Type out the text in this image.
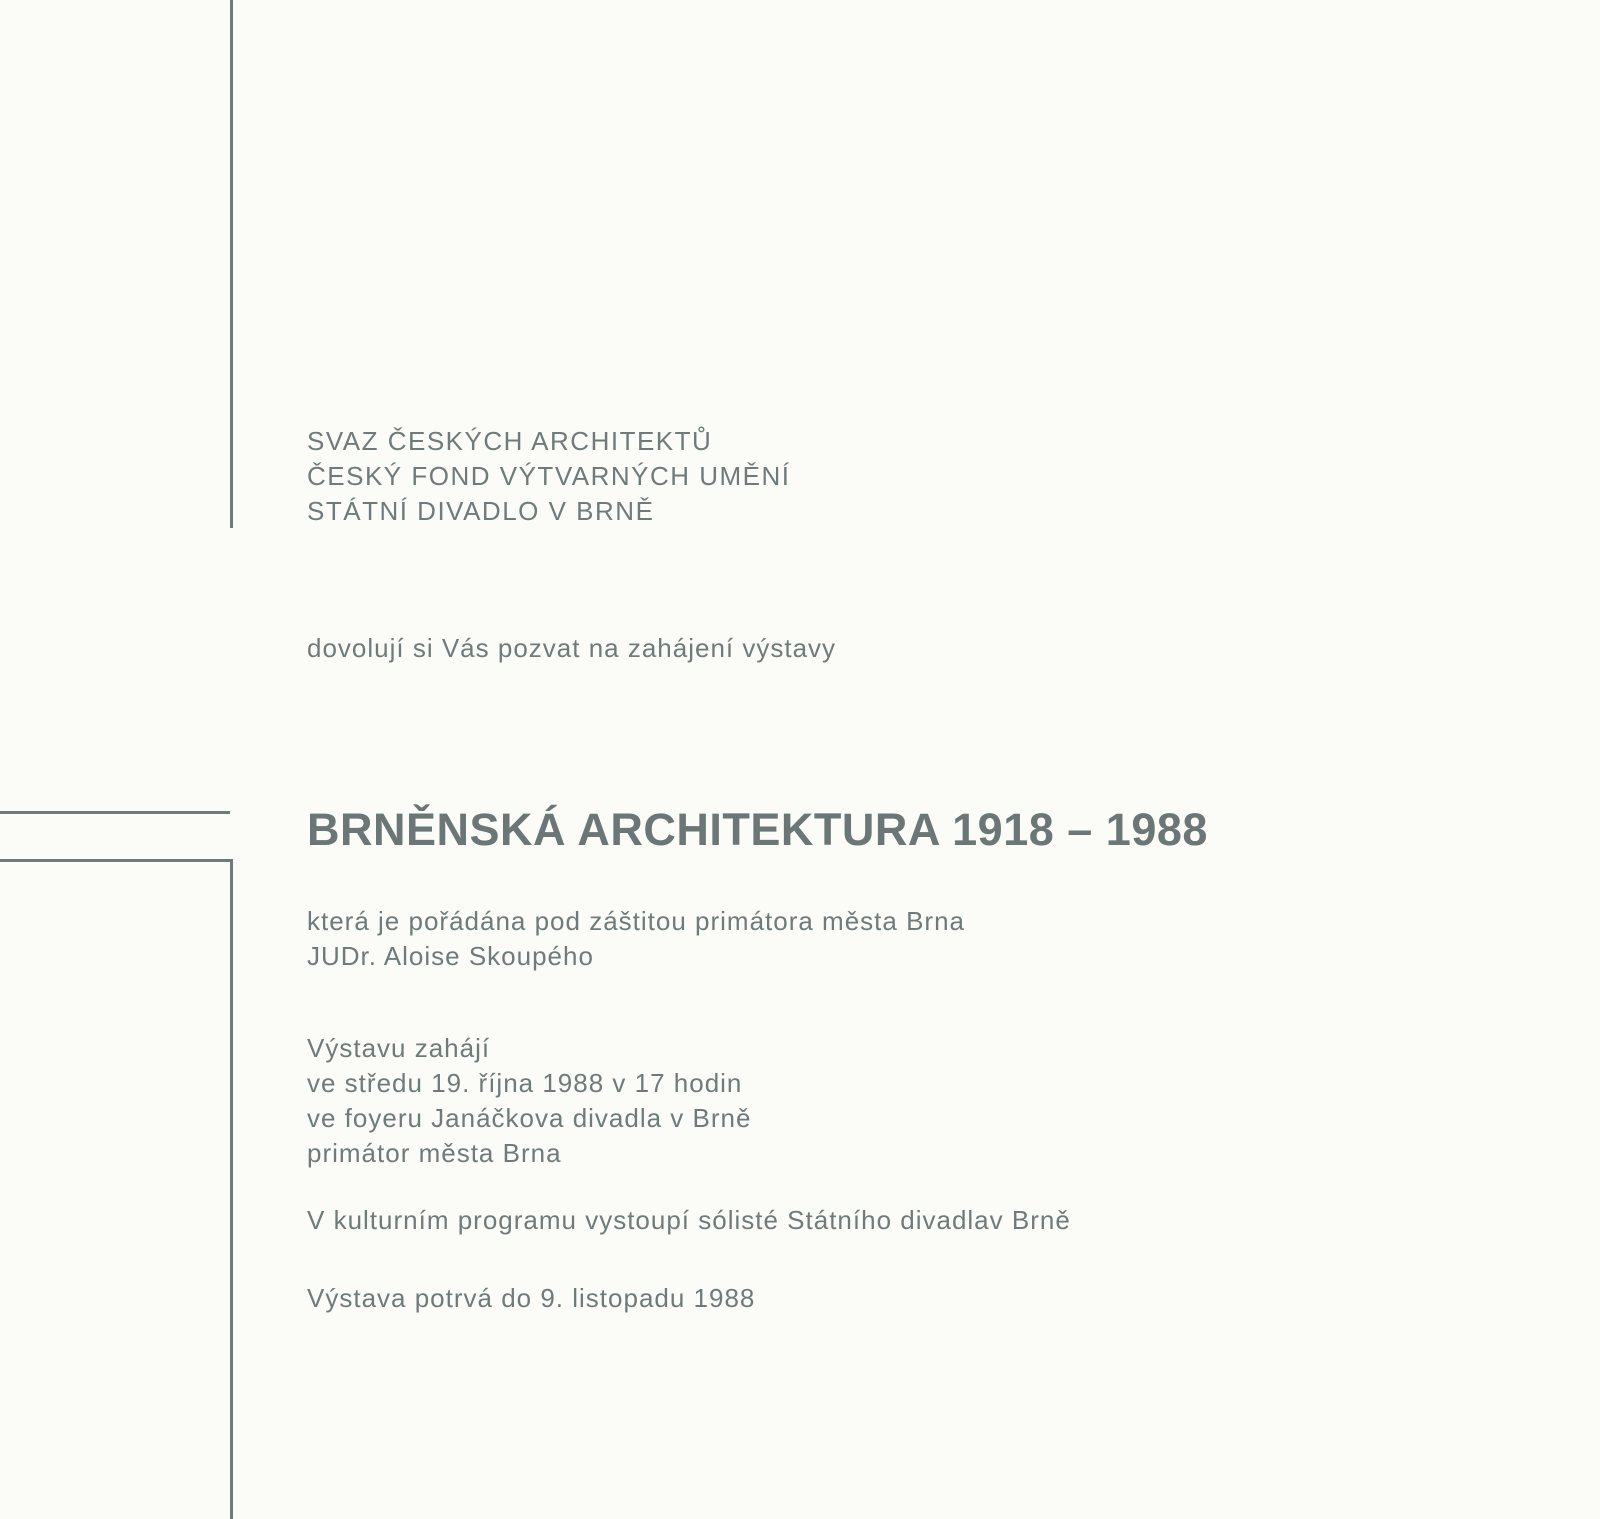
SVAZ ČESKÝCH ARCHITEKTŮ
ČESKÝ FOND VÝTVARNÝCH UMĚNÍ
STÁTNÍ DIVADLO V BRNĚ
dovolují si Vás pozvat na zahájení výstavy
BRNĚNSKÁ ARCHITEKTURA 1918 – 1988
která je pořádána pod záštitou primátora města Brna
JUDr. Aloise Skoupého
Výstavu zahájí
ve středu 19. října 1988 v 17 hodin
ve foyeru Janáčkova divadla v Brně
primátor města Brna
V kulturním programu vystoupí sólisté Státního divadlav Brně
Výstava potrvá do 9. listopadu 1988
